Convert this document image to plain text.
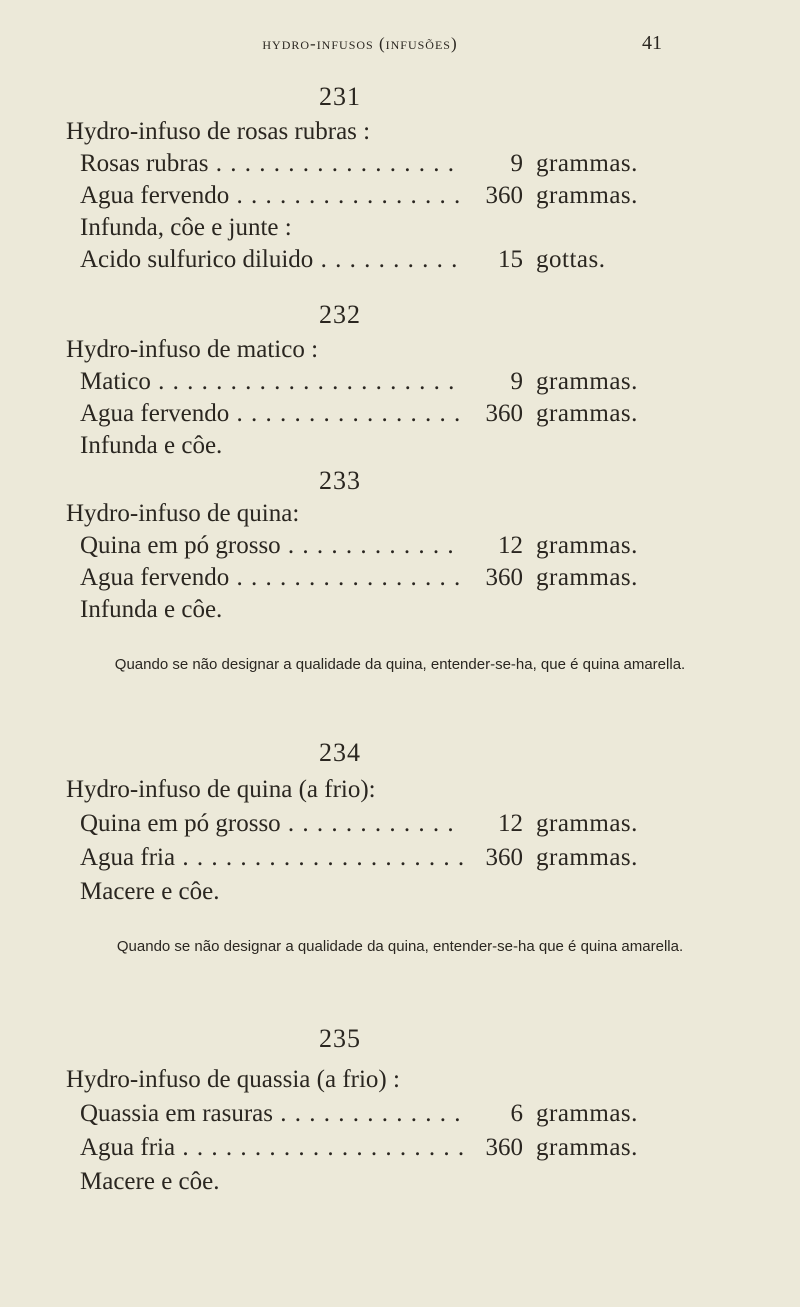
hydro-infusos (infusões)	41
231
Hydro-infuso de rosas rubras :
Rosas rubras . . .	9 grammas.
Agua fervendo . . .	360 grammas.
Infunda, côe e junte :
Acido sulfurico diluido . . .	15 gottas.
232
Hydro-infuso de matico :
Matico . . .	9 grammas.
Agua fervendo . . .	360 grammas.
Infunda e côe.
233
Hydro-infuso de quina:
Quina em pó grosso . . .	12 grammas.
Agua fervendo . . .	360 grammas.
Infunda e côe.
Quando se não designar a qualidade da quina, entender-se-ha, que é quina amarella.
234
Hydro-infuso de quina (a frio):
Quina em pó grosso . . .	12 grammas.
Agua fria . . .	360 grammas.
Macere e côe.
Quando se não designar a qualidade da quina, entender-se-ha que é quina amarella.
235
Hydro-infuso de quassia (a frio) :
Quassia em rasuras . . .	6 grammas.
Agua fria . . .	360 grammas.
Macere e côe.
